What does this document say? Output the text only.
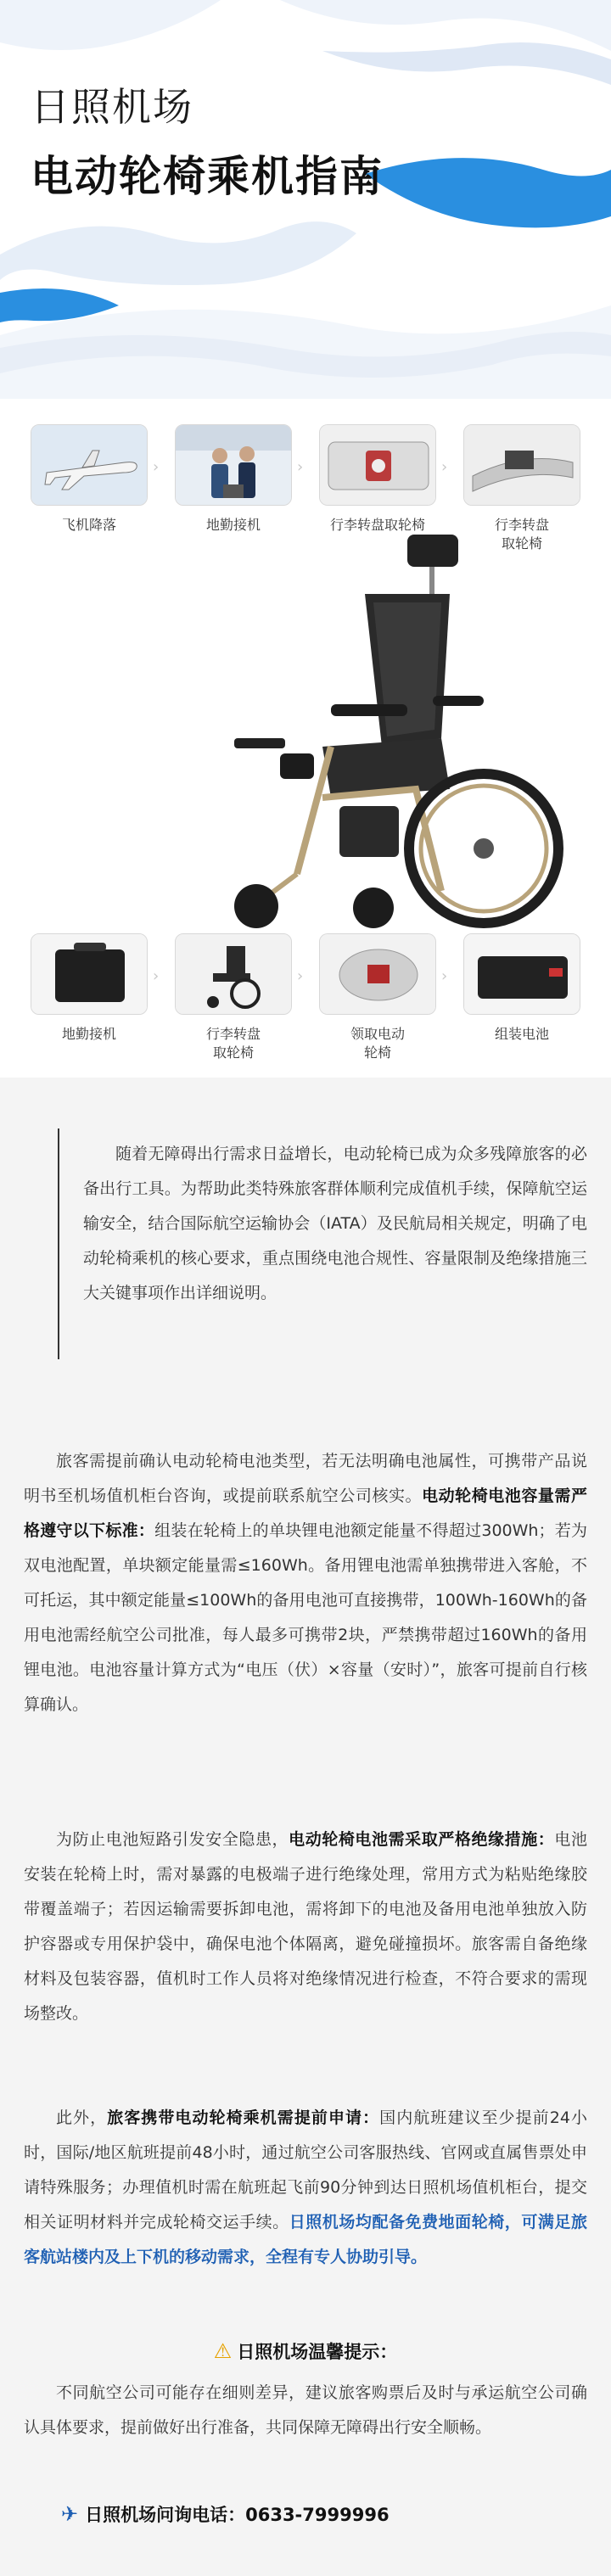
日照机场
电动轮椅乘机指南
飞机降落
›
地勤接机
›
行李转盘取轮椅
›
行李转盘
取轮椅
地勤接机
›
行李转盘
取轮椅
›
领取电动
轮椅
›
组装电池

随着无障碍出行需求日益增长，电动轮椅已成为众多残障旅客的必备出行工具。为帮助此类特殊旅客群体顺利完成值机手续，保障航空运输安全，结合国际航空运输协会（IATA）及民航局相关规定，明确了电动轮椅乘机的核心要求，重点围绕电池合规性、容量限制及绝缘措施三大关键事项作出详细说明。

旅客需提前确认电动轮椅电池类型，若无法明确电池属性，可携带产品说明书至机场值机柜台咨询，或提前联系航空公司核实。电动轮椅电池容量需严格遵守以下标准：组装在轮椅上的单块锂电池额定能量不得超过300Wh；若为双电池配置，单块额定能量需≤160Wh。备用锂电池需单独携带进入客舱，不可托运，其中额定能量≤100Wh的备用电池可直接携带，100Wh-160Wh的备用电池需经航空公司批准，每人最多可携带2块，严禁携带超过160Wh的备用锂电池。电池容量计算方式为“电压（伏）×容量（安时）”，旅客可提前自行核算确认。
为防止电池短路引发安全隐患，电动轮椅电池需采取严格绝缘措施：电池安装在轮椅上时，需对暴露的电极端子进行绝缘处理，常用方式为粘贴绝缘胶带覆盖端子；若因运输需要拆卸电池，需将卸下的电池及备用电池单独放入防护容器或专用保护袋中，确保电池个体隔离，避免碰撞损坏。旅客需自备绝缘材料及包装容器，值机时工作人员将对绝缘情况进行检查，不符合要求的需现场整改。
此外，旅客携带电动轮椅乘机需提前申请：国内航班建议至少提前24小时，国际/地区航班提前48小时，通过航空公司客服热线、官网或直属售票处申请特殊服务；办理值机时需在航班起飞前90分钟到达日照机场值机柜台，提交相关证明材料并完成轮椅交运手续。日照机场均配备免费地面轮椅，可满足旅客航站楼内及上下机的移动需求，全程有专人协助引导。
⚠ 日照机场温馨提示：
不同航空公司可能存在细则差异，建议旅客购票后及时与承运航空公司确认具体要求，提前做好出行准备，共同保障无障碍出行安全顺畅。
✈ 日照机场问询电话：0633-7999996
